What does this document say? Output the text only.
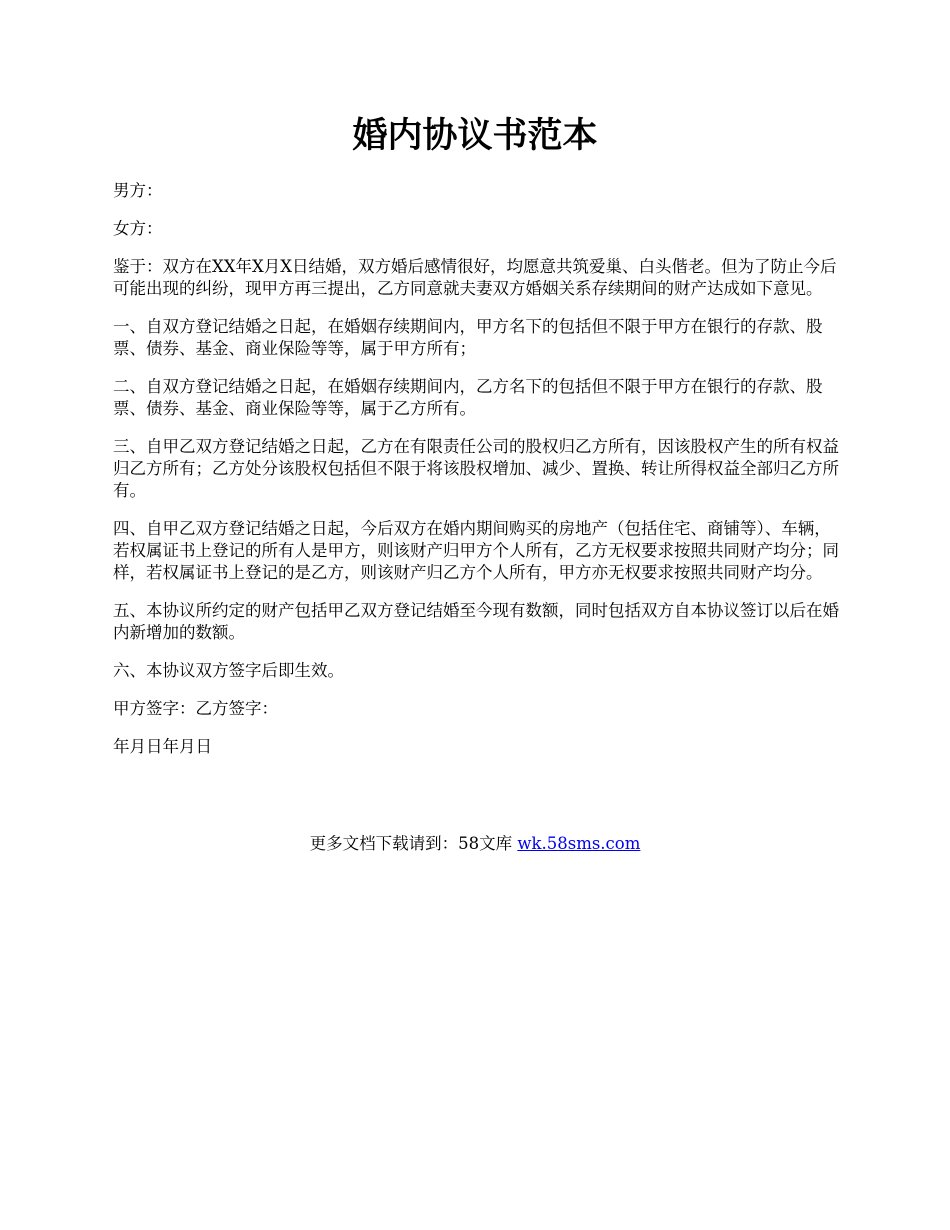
婚内协议书范本

男方：

女方：

鉴于：双方在XX年X月X日结婚，双方婚后感情很好，均愿意共筑爱巢、白头偕老。但为了防止今后可能出现的纠纷，现甲方再三提出，乙方同意就夫妻双方婚姻关系存续期间的财产达成如下意见。

一、自双方登记结婚之日起，在婚姻存续期间内，甲方名下的包括但不限于甲方在银行的存款、股票、债券、基金、商业保险等等，属于甲方所有；

二、自双方登记结婚之日起，在婚姻存续期间内，乙方名下的包括但不限于甲方在银行的存款、股票、债券、基金、商业保险等等，属于乙方所有。

三、自甲乙双方登记结婚之日起，乙方在有限责任公司的股权归乙方所有，因该股权产生的所有权益归乙方所有；乙方处分该股权包括但不限于将该股权增加、减少、置换、转让所得权益全部归乙方所有。

四、自甲乙双方登记结婚之日起，今后双方在婚内期间购买的房地产（包括住宅、商铺等）、车辆，若权属证书上登记的所有人是甲方，则该财产归甲方个人所有，乙方无权要求按照共同财产均分；同样，若权属证书上登记的是乙方，则该财产归乙方个人所有，甲方亦无权要求按照共同财产均分。

五、本协议所约定的财产包括甲乙双方登记结婚至今现有数额，同时包括双方自本协议签订以后在婚内新增加的数额。

六、本协议双方签字后即生效。

甲方签字：乙方签字：

年月日年月日

更多文档下载请到：58文库 wk.58sms.com
